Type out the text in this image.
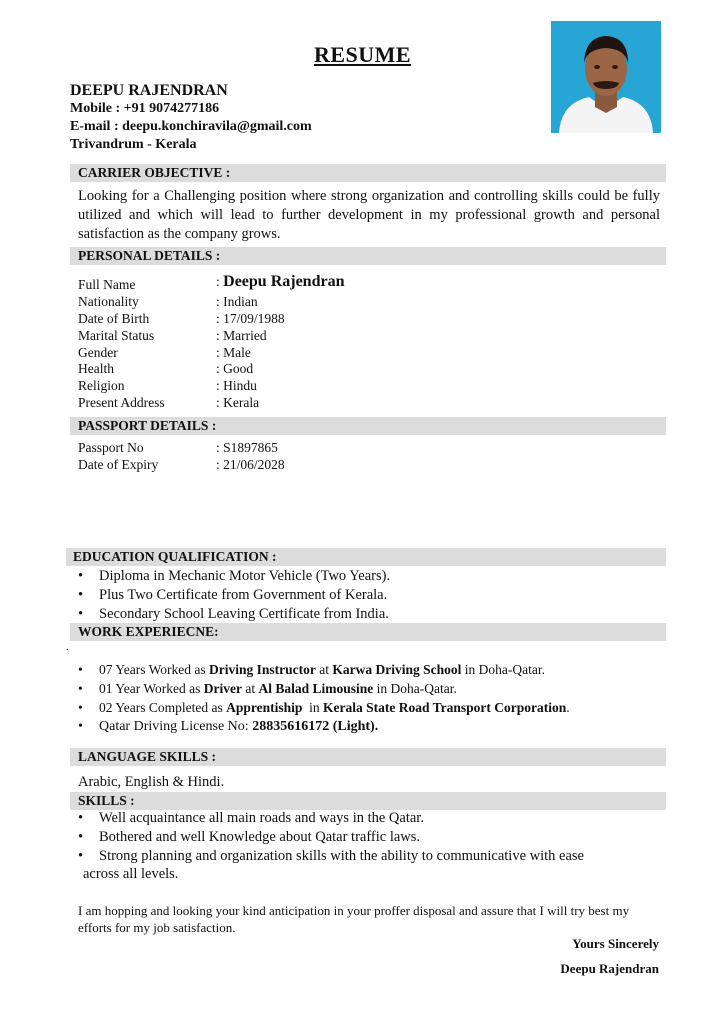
RESUME
DEEPU RAJENDRAN
Mobile : +91 9074277186
E-mail : deepu.konchiravila@gmail.com
Trivandrum - Kerala
CARRIER OBJECTIVE :
Looking for a Challenging position where strong organization and controlling skills could be fully utilized and which will lead to further development in my professional growth and personal satisfaction as the company grows.
PERSONAL DETAILS :
Full Name	: Deepu Rajendran
Nationality	: Indian
Date of Birth	: 17/09/1988
Marital Status	: Married
Gender	: Male
Health	: Good
Religion	: Hindu
Present Address	: Kerala
PASSPORT DETAILS :
Passport No	: S1897865
Date of Expiry	: 21/06/2028
EDUCATION QUALIFICATION :
• Diploma in Mechanic Motor Vehicle (Two Years).
• Plus Two Certificate from Government of Kerala.
• Secondary School Leaving Certificate from India.
WORK EXPERIECNE:
.
• 07 Years Worked as Driving Instructor at Karwa Driving School in Doha-Qatar.
• 01 Year Worked as Driver at Al Balad Limousine in Doha-Qatar.
• 02 Years Completed as Apprentiship  in Kerala State Road Transport Corporation.
• Qatar Driving License No: 28835616172 (Light).
LANGUAGE SKILLS :
Arabic, English & Hindi.
SKILLS :
• Well acquaintance all main roads and ways in the Qatar.
• Bothered and well Knowledge about Qatar traffic laws.
• Strong planning and organization skills with the ability to communicative with ease
across all levels.
I am hopping and looking your kind anticipation in your proffer disposal and assure that I will try best my efforts for my job satisfaction.
Yours Sincerely
Deepu Rajendran
